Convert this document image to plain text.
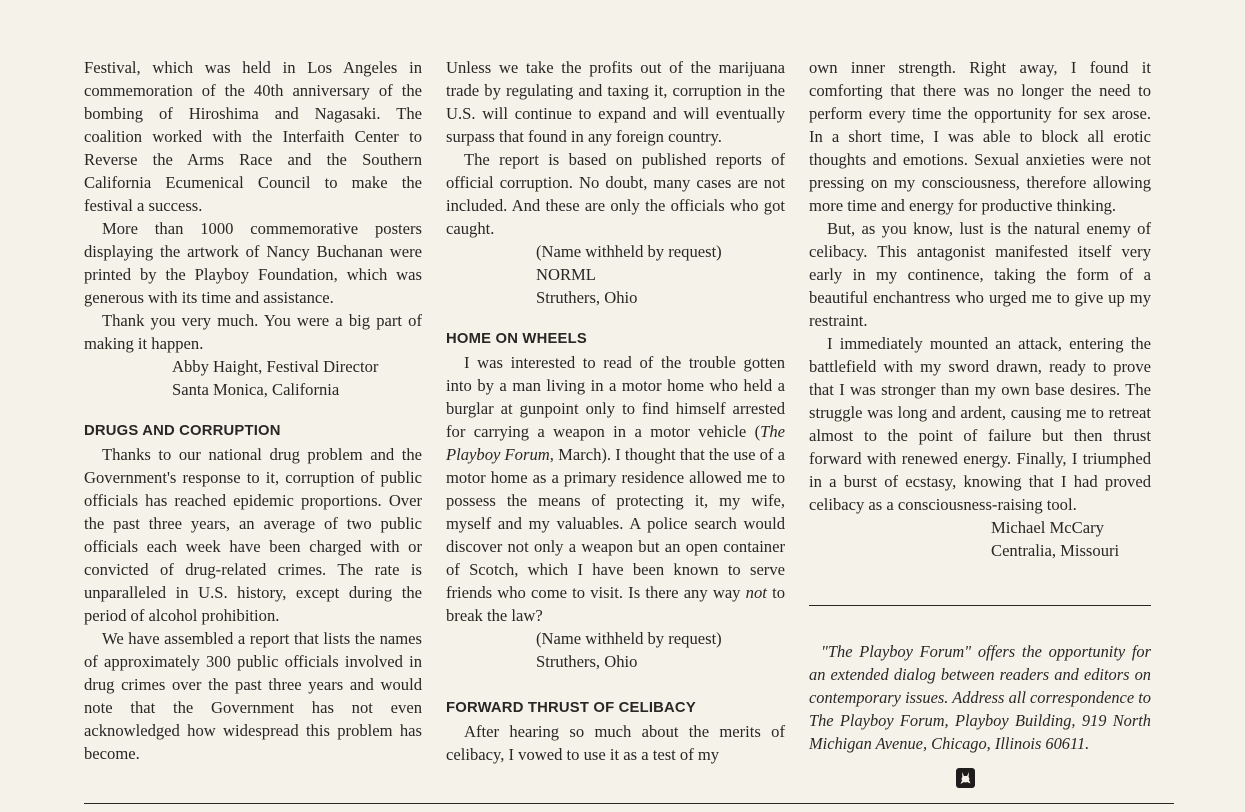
Festival, which was held in Los Angeles in commemoration of the 40th anniversary of the bombing of Hiroshima and Nagasaki. The coalition worked with the Interfaith Center to Reverse the Arms Race and the Southern California Ecumenical Council to make the festival a success.

More than 1000 commemorative posters displaying the artwork of Nancy Buchanan were printed by the Playboy Foundation, which was generous with its time and assistance.

Thank you very much. You were a big part of making it happen.

Abby Haight, Festival Director
Santa Monica, California
DRUGS AND CORRUPTION

Thanks to our national drug problem and the Government's response to it, corruption of public officials has reached epidemic proportions. Over the past three years, an average of two public officials each week have been charged with or convicted of drug-related crimes. The rate is unparalleled in U.S. history, except during the period of alcohol prohibition.

We have assembled a report that lists the names of approximately 300 public officials involved in drug crimes over the past three years and would note that the Government has not even acknowledged how widespread this problem has become.

Unless we take the profits out of the marijuana trade by regulating and taxing it, corruption in the U.S. will continue to expand and will eventually surpass that found in any foreign country.

The report is based on published reports of official corruption. No doubt, many cases are not included. And these are only the officials who got caught.

(Name withheld by request)
NORML
Struthers, Ohio
HOME ON WHEELS

I was interested to read of the trouble gotten into by a man living in a motor home who held a burglar at gunpoint only to find himself arrested for carrying a weapon in a motor vehicle (The Playboy Forum, March). I thought that the use of a motor home as a primary residence allowed me to possess the means of protecting it, my wife, myself and my valuables. A police search would discover not only a weapon but an open container of Scotch, which I have been known to serve friends who come to visit. Is there any way not to break the law?

(Name withheld by request)
Struthers, Ohio
FORWARD THRUST OF CELIBACY

After hearing so much about the merits of celibacy, I vowed to use it as a test of my

own inner strength. Right away, I found it comforting that there was no longer the need to perform every time the opportunity for sex arose. In a short time, I was able to block all erotic thoughts and emotions. Sexual anxieties were not pressing on my consciousness, therefore allowing more time and energy for productive thinking.

But, as you know, lust is the natural enemy of celibacy. This antagonist manifested itself very early in my continence, taking the form of a beautiful enchantress who urged me to give up my restraint.

I immediately mounted an attack, entering the battlefield with my sword drawn, ready to prove that I was stronger than my own base desires. The struggle was long and ardent, causing me to retreat almost to the point of failure but then thrust forward with renewed energy. Finally, I triumphed in a burst of ecstasy, knowing that I had proved celibacy as a consciousness-raising tool.

Michael McCary
Centralia, Missouri

"The Playboy Forum" offers the opportunity for an extended dialog between readers and editors on contemporary issues. Address all correspondence to The Playboy Forum, Playboy Building, 919 North Michigan Avenue, Chicago, Illinois 60611.
